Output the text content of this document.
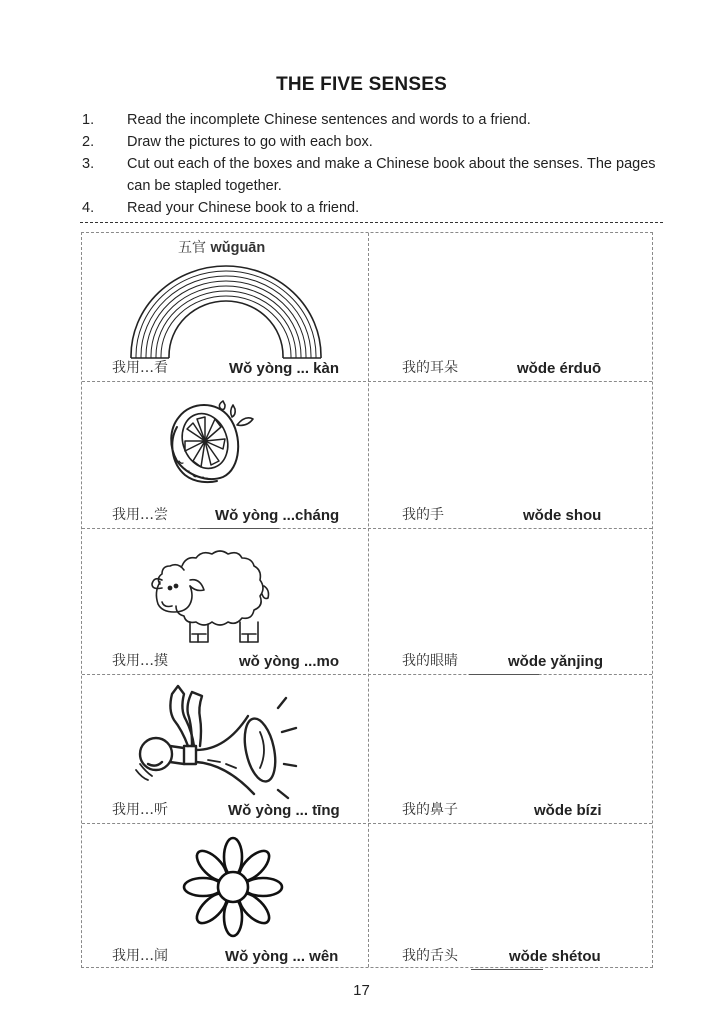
THE FIVE SENSES
1.	Read the incomplete Chinese sentences and words to a friend.
2.	Draw the pictures to go with each box.
3.	Cut out each of the boxes and make a Chinese book about the senses. The pages can be stapled together.
4.	Read your Chinese book to a friend.
五官 wǔguān
我用…看	Wǒ yòng ... kàn	我的耳朵	wǒde érduō
我用…尝	Wǒ yòng ...cháng	我的手	wǒde shou
我用…摸	wǒ yòng ...mo	我的眼睛	wǒde yǎnjing
我用…听	Wǒ yòng ... tīng	我的鼻子	wǒde bízi
我用…闻	Wǒ yòng ... wên	我的舌头	wǒde shétou
17
